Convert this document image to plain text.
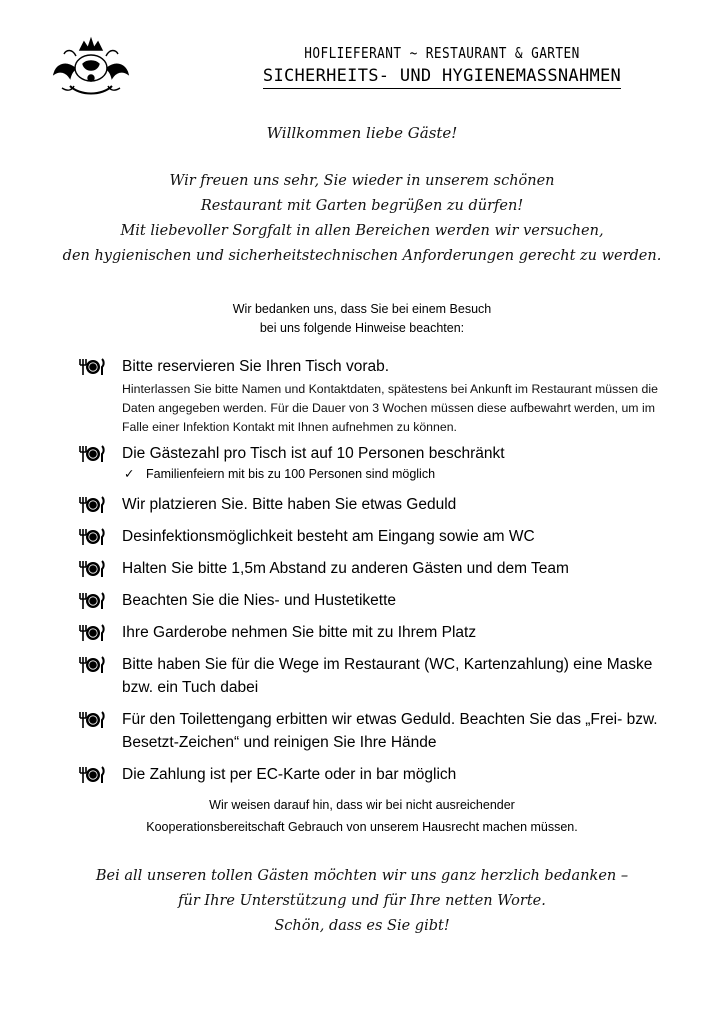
HOFLIEFERANT ~ RESTAURANT & GARTEN
SICHERHEITS- UND HYGIENEMASSNAHMEN
Willkommen liebe Gäste!
Wir freuen uns sehr, Sie wieder in unserem schönen
Restaurant mit Garten begrüßen zu dürfen!
Mit liebevoller Sorgfalt in allen Bereichen werden wir versuchen,
den hygienischen und sicherheitstechnischen Anforderungen gerecht zu werden.
Wir bedanken uns, dass Sie bei einem Besuch
bei uns folgende Hinweise beachten:
Bitte reservieren Sie Ihren Tisch vorab.
Hinterlassen Sie bitte Namen und Kontaktdaten, spätestens bei Ankunft im Restaurant müssen die Daten angegeben werden. Für die Dauer von 3 Wochen müssen diese aufbewahrt werden, um im Falle einer Infektion Kontakt mit Ihnen aufnehmen zu können.
Die Gästezahl pro Tisch ist auf 10 Personen beschränkt
✓ Familienfeiern mit bis zu 100 Personen sind möglich
Wir platzieren Sie. Bitte haben Sie etwas Geduld
Desinfektionsmöglichkeit besteht am Eingang sowie am WC
Halten Sie bitte 1,5m Abstand zu anderen Gästen und dem Team
Beachten Sie die Nies- und Hustetikette
Ihre Garderobe nehmen Sie bitte mit zu Ihrem Platz
Bitte haben Sie für die Wege im Restaurant (WC, Kartenzahlung) eine Maske bzw. ein Tuch dabei
Für den Toilettengang erbitten wir etwas Geduld. Beachten Sie das „Frei- bzw. Besetzt-Zeichen“ und reinigen Sie Ihre Hände
Die Zahlung ist per EC-Karte oder in bar möglich
Wir weisen darauf hin, dass wir bei nicht ausreichender
Kooperationsbereitschaft Gebrauch von unserem Hausrecht machen müssen.
Bei all unseren tollen Gästen möchten wir uns ganz herzlich bedanken –
für Ihre Unterstützung und für Ihre netten Worte.
Schön, dass es Sie gibt!
